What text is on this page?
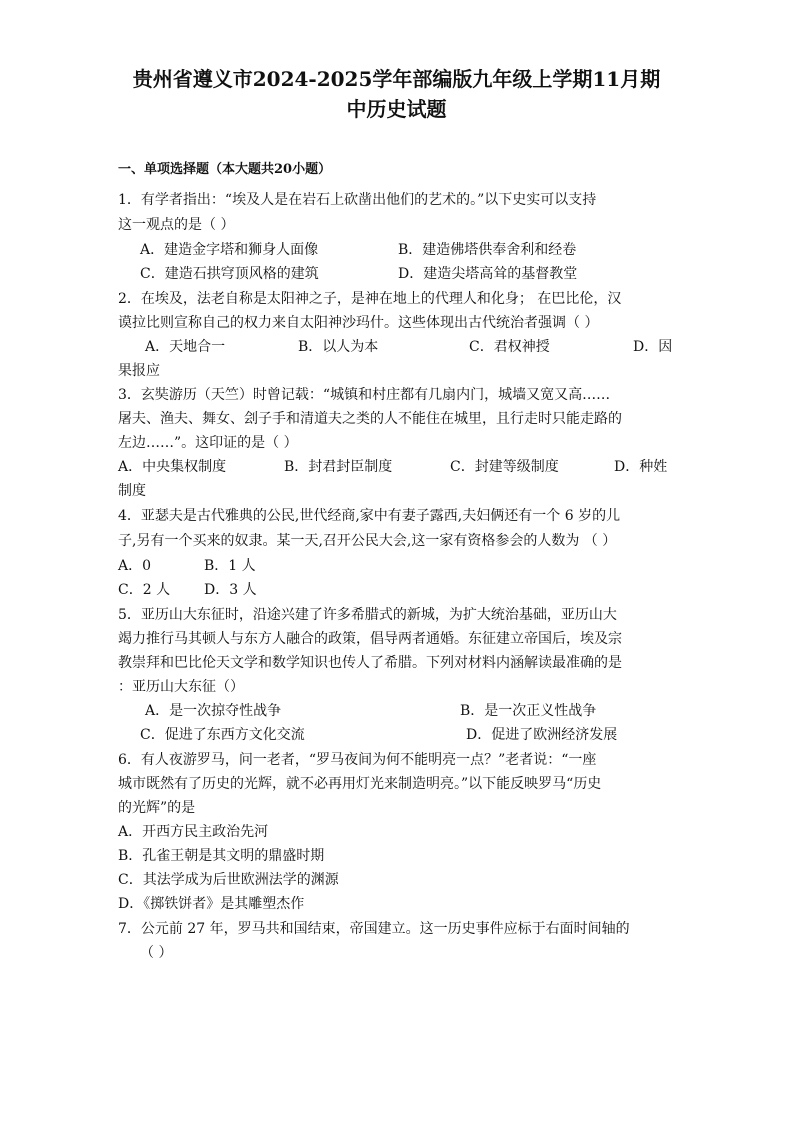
贵州省遵义市2024-2025学年部编版九年级上学期11月期
中历史试题
一、单项选择题（本大题共20小题）
1．有学者指出：“埃及人是在岩石上砍凿出他们的艺术的。”以下史实可以支持
这一观点的是（ ）
A．建造金字塔和狮身人面像	B．建造佛塔供奉舍利和经卷
C．建造石拱穹顶风格的建筑	D．建造尖塔高耸的基督教堂
2．在埃及，法老自称是太阳神之子，是神在地上的代理人和化身； 在巴比伦，汉
谟拉比则宣称自己的权力来自太阳神沙玛什。这些体现出古代统治者强调（ ）
A．天地合一	B．以人为本	C．君权神授	D．因
果报应
3．玄奘游历（天竺）时曾记载：“城镇和村庄都有几扇内门，城墙又宽又高……
屠夫、渔夫、舞女、刽子手和清道夫之类的人不能住在城里，且行走时只能走路的
左边……”。这印证的是（ ）
A．中央集权制度	B．封君封臣制度	C．封建等级制度	D．种姓
制度
4．亚瑟夫是古代雅典的公民,世代经商,家中有妻子露西,夫妇俩还有一个 6 岁的儿
子,另有一个买来的奴隶。某一天,召开公民大会,这一家有资格参会的人数为 （ ）
A．0	B．1 人
C．2 人 D．3 人
5．亚历山大东征时，沿途兴建了许多希腊式的新城，为扩大统治基础，亚历山大
竭力推行马其顿人与东方人融合的政策，倡导两者通婚。东征建立帝国后，埃及宗
教崇拜和巴比伦天文学和数学知识也传人了希腊。下列对材料内涵解读最准确的是
：亚历山大东征（）
A．是一次掠夺性战争	B．是一次正义性战争
C．促进了东西方文化交流	D．促进了欧洲经济发展
6．有人夜游罗马，问一老者，“罗马夜间为何不能明亮一点？”老者说：“一座
城市既然有了历史的光辉，就不必再用灯光来制造明亮。”以下能反映罗马“历史
的光辉”的是
A．开西方民主政治先河
B．孔雀王朝是其文明的鼎盛时期
C．其法学成为后世欧洲法学的渊源
D．《掷铁饼者》是其雕塑杰作
7．公元前 27 年，罗马共和国结束，帝国建立。这一历史事件应标于右面时间轴的
（ ）
